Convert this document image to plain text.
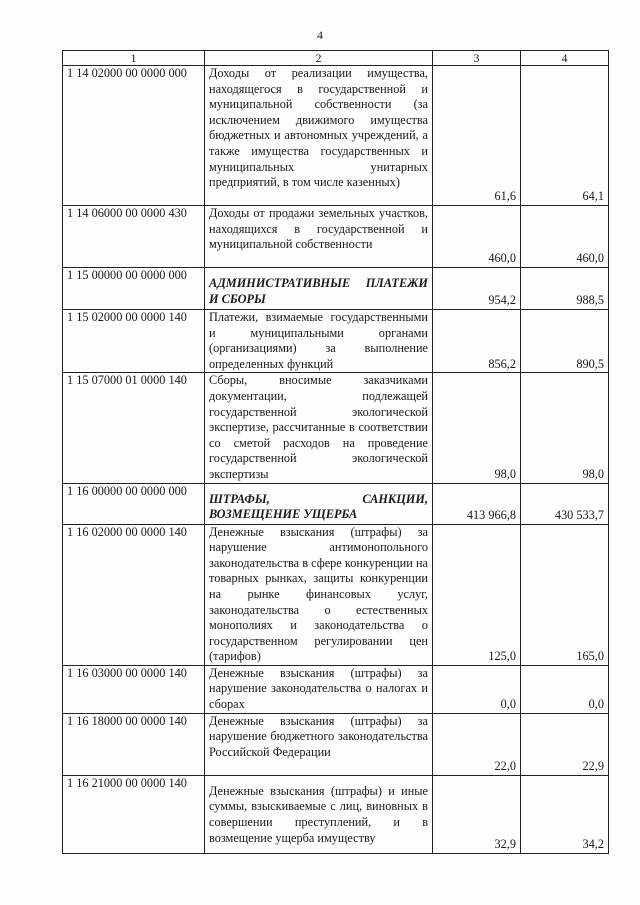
4
1	2	3	4
1 14 02000 00 0000 000	Доходы от реализации имущества, находящегося в государственной и муниципальной собственности (за исключением движимого имущества бюджетных и автономных учреждений, а также имущества государственных и муниципальных унитарных предприятий, в том числе казенных)	61,6	64,1
1 14 06000 00 0000 430	Доходы от продажи земельных участков, находящихся в государственной и муниципальной собственности	460,0	460,0
1 15 00000 00 0000 000	АДМИНИСТРАТИВНЫЕ ПЛАТЕЖИ И СБОРЫ	954,2	988,5
1 15 02000 00 0000 140	Платежи, взимаемые государственными и муниципальными органами (организациями) за выполнение определенных функций	856,2	890,5
1 15 07000 01 0000 140	Сборы, вносимые заказчиками документации, подлежащей государственной экологической экспертизе, рассчитанные в соответствии со сметой расходов на проведение государственной экологической экспертизы	98,0	98,0
1 16 00000 00 0000 000	ШТРАФЫ, САНКЦИИ, ВОЗМЕЩЕНИЕ УЩЕРБА	413 966,8	430 533,7
1 16 02000 00 0000 140	Денежные взыскания (штрафы) за нарушение антимонопольного законодательства в сфере конкуренции на товарных рынках, защиты конкуренции на рынке финансовых услуг, законодательства о естественных монополиях и законодательства о государственном регулировании цен (тарифов)	125,0	165,0
1 16 03000 00 0000 140	Денежные взыскания (штрафы) за нарушение законодательства о налогах и сборах	0,0	0,0
1 16 18000 00 0000 140	Денежные взыскания (штрафы) за нарушение бюджетного законодательства Российской Федерации	22,0	22,9
1 16 21000 00 0000 140	Денежные взыскания (штрафы) и иные суммы, взыскиваемые с лиц, виновных в совершении преступлений, и в возмещение ущерба имуществу	32,9	34,2
